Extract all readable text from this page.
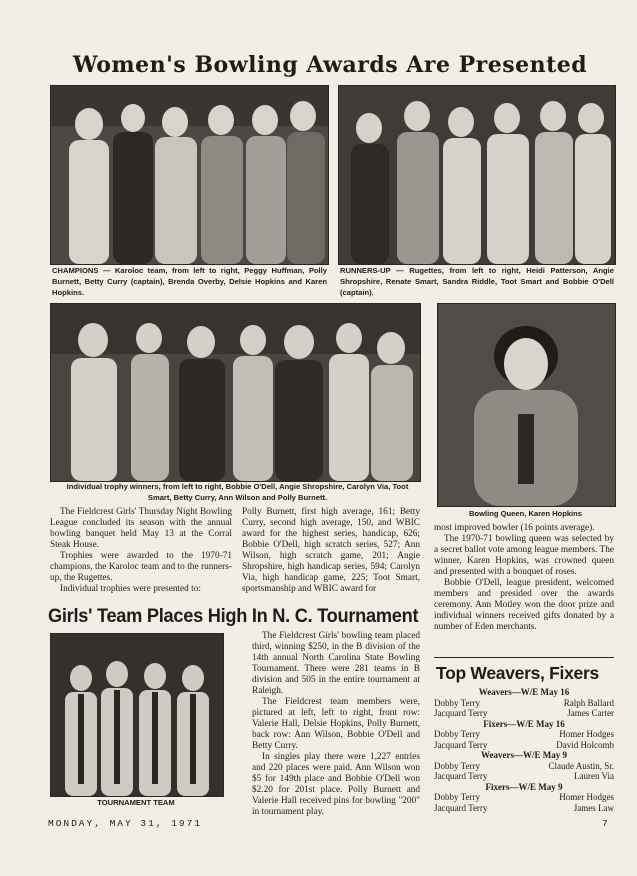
Women's Bowling Awards Are Presented
CHAMPIONS — Karoloc team, from left to right, Peggy Huffman, Polly Burnett, Betty Curry (captain), Brenda Overby, Delsie Hopkins and Karen Hopkins.
RUNNERS-UP — Rugettes, from left to right, Heidi Patterson, Angie Shropshire, Renate Smart, Sandra Riddle, Toot Smart and Bobbie O'Dell (captain).
Individual trophy winners, from left to right, Bobbie O'Dell, Angie Shropshire, Carolyn Via, Toot Smart, Betty Curry, Ann Wilson and Polly Burnett.
Bowling Queen, Karen Hopkins

The Fieldcrest Girls' Thursday Night Bowling League concluded its season with the annual bowling banquet held May 13 at the Corral Steak House.

Trophies were awarded to the 1970-71 champions, the Karoloc team and to the runners-up, the Rugettes.

Individual trophies were presented to:

Polly Burnett, first high average, 161; Betty Curry, second high average, 150, and WBIC award for the highest series, handicap, 626; Bobbie O'Dell, high scratch series, 527; Ann Wilson, high scratch game, 201; Angie Shropshire, high handicap series, 594; Carolyn Via, high handicap game, 225; Toot Smart, sportsmanship and WBIC award for

most improved bowler (16 points average).

The 1970-71 bowling queen was selected by a secret ballot vote among league members. The winner, Karen Hopkins, was crowned queen and presented with a bouquet of roses.

Bobbie O'Dell, league president, welcomed members and presided over the awards ceremony. Ann Motley won the door prize and individual winners received gifts donated by a number of Eden merchants.

Girls' Team Places High In N. C. Tournament
TOURNAMENT TEAM

The Fieldcrest Girls' bowling team placed third, winning $250, in the B division of the 14th annual North Carolina State Bowling Tournament. There were 281 teams in B division and 505 in the entire tournament at Raleigh.

The Fieldcrest team members were, pictured at left, left to right, front row: Valerie Hall, Delsie Hopkins, Polly Burnett, back row: Ann Wilson, Bobbie O'Dell and Betty Curry.

In singles play there were 1,227 entries and 220 places were paid. Ann Wilson won $5 for 149th place and Bobbie O'Dell won $2.20 for 201st place. Polly Burnett and Valerie Hall received pins for bowling "200" in tournament play.

Top Weavers, Fixers
Weavers—W/E May 16
Dobby Terry	Ralph Ballard
Jacquard Terry	James Carter
Fixers—W/E May 16
Dobby Terry	Homer Hodges
Jacquard Terry	David Holcomb
Weavers—W/E May 9
Dobby Terry	Claude Austin, Sr.
Jacquard Terry	Lauren Via
Fixers—W/E May 9
Dobby Terry	Homer Hodges
Jacquard Terry	James Law
MONDAY, MAY 31, 1971	7
